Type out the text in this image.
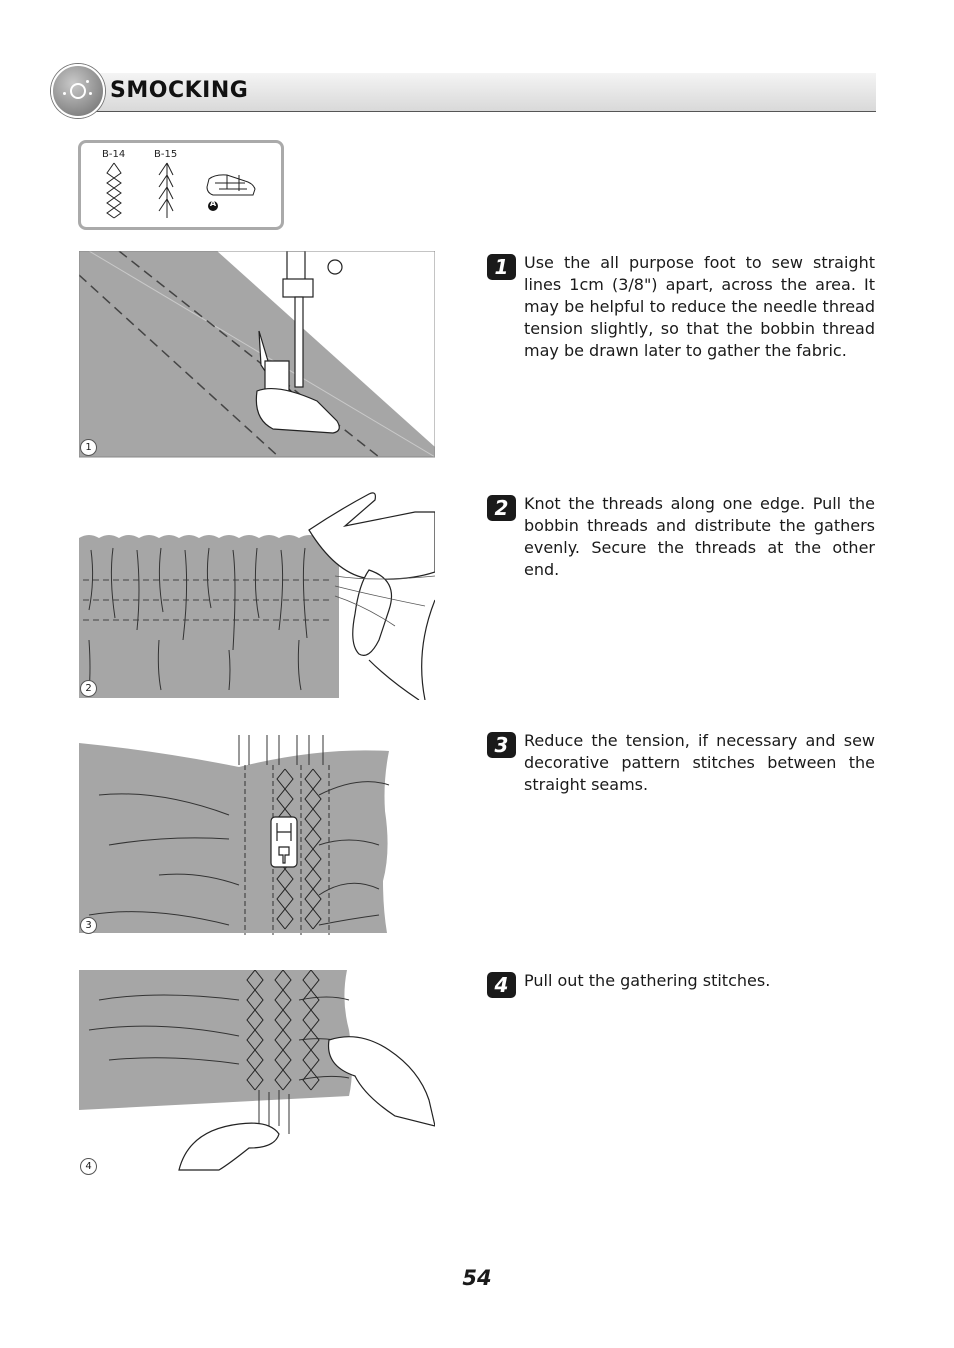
SMOCKING
B-14	B-15
A
1
1 Use the all purpose foot to sew straight lines 1cm (3/8") apart, across the area. It may be helpful to reduce the needle thread tension slightly, so that the bobbin thread may be drawn later to gather the fabric.
2
2 Knot the threads along one edge. Pull the bobbin threads and distribute the gathers evenly. Secure the threads at the other end.
3
3 Reduce the tension, if necessary and sew decorative pattern stitches between the straight seams.
4
4 Pull out the gathering stitches.
54
